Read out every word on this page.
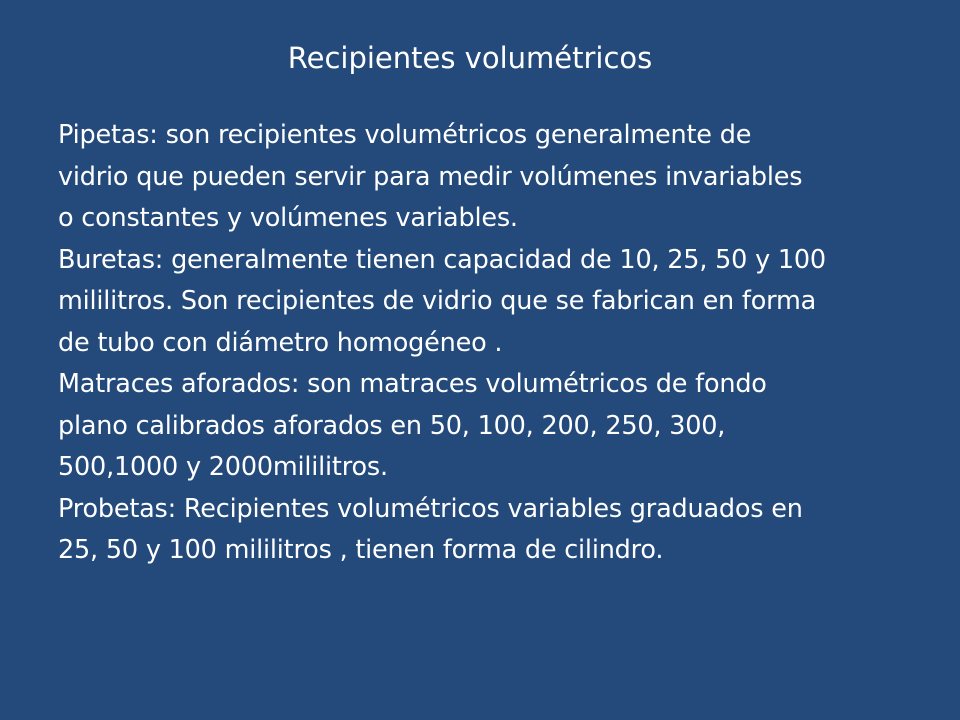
Recipientes volumétricos
Pipetas: son recipientes volumétricos generalmente de
vidrio que pueden servir para medir volúmenes invariables
o constantes y volúmenes variables.
Buretas: generalmente tienen capacidad de 10, 25, 50 y 100
mililitros. Son recipientes de vidrio que se fabrican en forma
de tubo con diámetro homogéneo .
Matraces aforados: son matraces volumétricos de fondo
plano calibrados aforados en 50, 100, 200, 250, 300,
500,1000 y 2000mililitros.
Probetas: Recipientes volumétricos variables graduados en
25, 50 y 100 mililitros , tienen forma de cilindro.
